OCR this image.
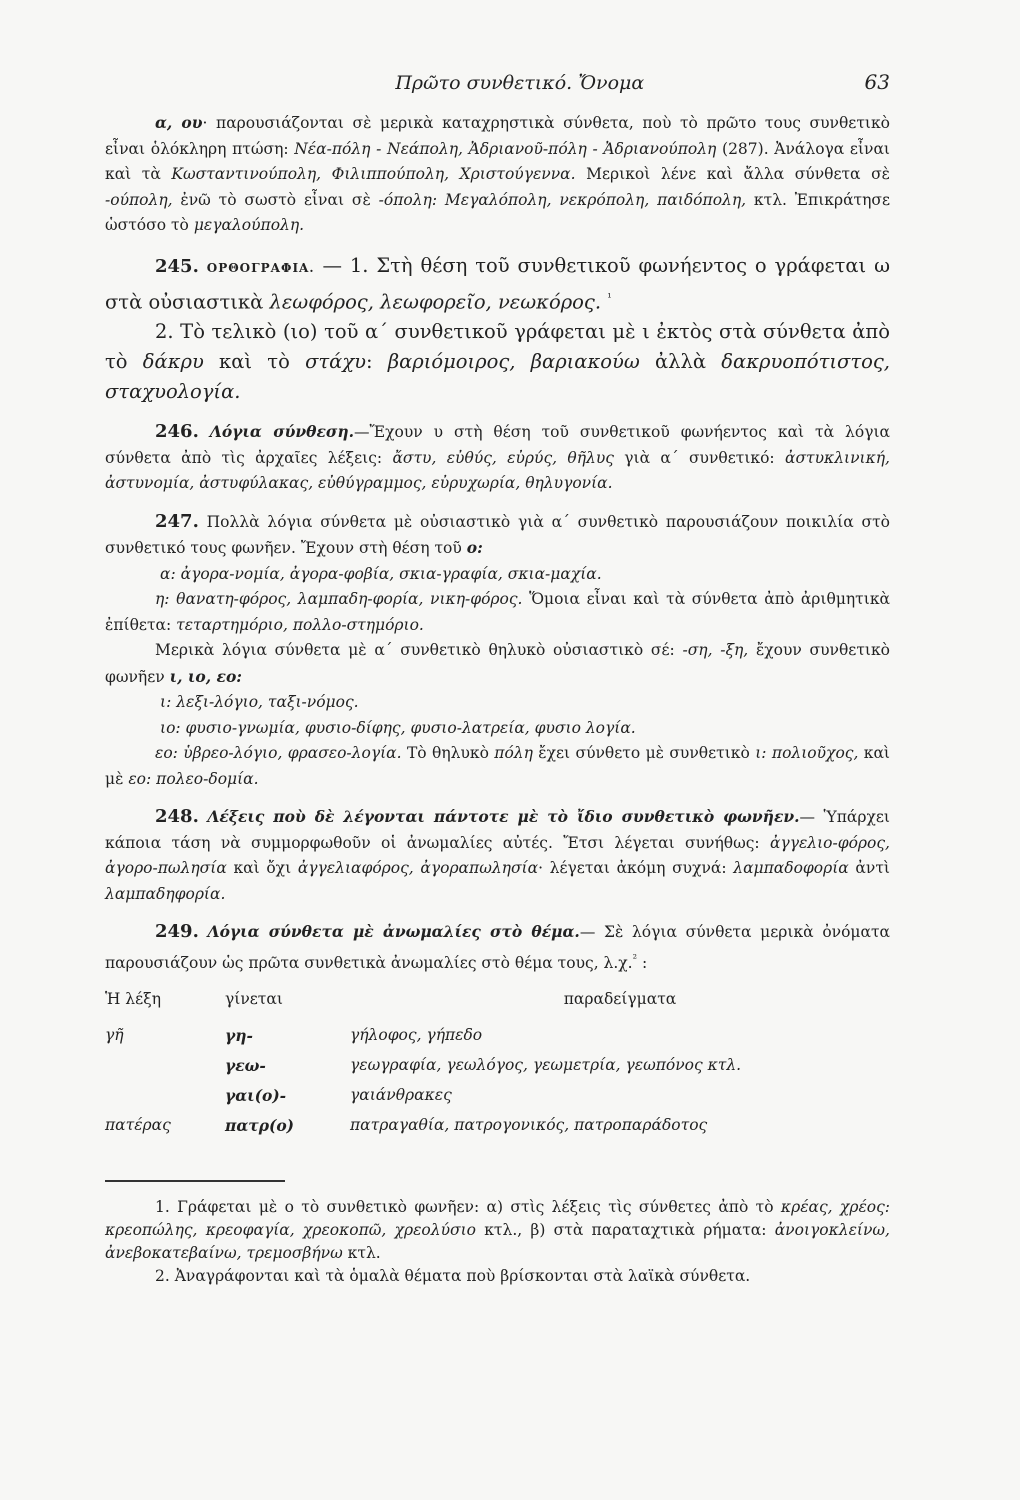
Πρῶτο συνθετικό. Ὄνομα	63

α, ου· παρουσιάζονται σὲ μερικὰ καταχρηστικὰ σύνθετα, ποὺ τὸ πρῶτο τους συνθετικὸ εἶναι ὁλόκληρη πτώση: Νέα-πόλη - Νεάπολη, Ἀδριανοῦ-πόλη - Ἀδριανούπολη (287). Ἀνάλογα εἶναι καὶ τὰ Κωσταντινούπολη, Φιλιππούπολη, Χριστούγεννα. Μερικοὶ λένε καὶ ἄλλα σύνθετα σὲ -ούπολη, ἐνῶ τὸ σωστὸ εἶναι σὲ -όπολη: Μεγαλόπολη, νεκρόπολη, παιδόπολη, κτλ. Ἐπικράτησε ὡστόσο τὸ μεγαλούπολη.

245. ΟΡΘΟΓΡΑΦΙΑ. — 1. Στὴ θέση τοῦ συνθετικοῦ φωνήεντος ο γράφεται ω στὰ οὐσιαστικὰ λεωφόρος, λεωφορεῖο, νεωκόρος. $^{^1}$

2. Τὸ τελικὸ (ιο) τοῦ α΄ συνθετικοῦ γράφεται μὲ ι ἐκτὸς στὰ σύνθετα ἀπὸ τὸ δάκρυ καὶ τὸ στάχυ: βαριόμοιρος, βαριακούω ἀλλὰ δακρυοπότιστος, σταχυολογία.

246. Λόγια σύνθεση.—Ἔχουν υ στὴ θέση τοῦ συνθετικοῦ φωνήεντος καὶ τὰ λόγια σύνθετα ἀπὸ τὶς ἀρχαῖες λέξεις: ἄστυ, εὐθύς, εὐρύς, θῆλυς γιὰ α΄ συνθετικό: ἀστυκλινική, ἀστυνομία, ἀστυφύλακας, εὐθύγραμμος, εὐρυχωρία, θηλυγονία.

247. Πολλὰ λόγια σύνθετα μὲ οὐσιαστικὸ γιὰ α΄ συνθετικὸ παρουσιάζουν ποικιλία στὸ συνθετικό τους φωνῆεν. Ἔχουν στὴ θέση τοῦ ο:

α: ἀγορα-νομία, ἀγορα-φοβία, σκια-γραφία, σκια-μαχία.

η: θανατη-φόρος, λαμπαδη-φορία, νικη-φόρος. Ὅμοια εἶναι καὶ τὰ σύνθετα ἀπὸ ἀριθμητικὰ ἐπίθετα: τεταρτημόριο, πολλο-στημόριο.

Μερικὰ λόγια σύνθετα μὲ α΄ συνθετικὸ θηλυκὸ οὐσιαστικὸ σέ: -ση, -ξη, ἔχουν συνθετικὸ φωνῆεν ι, ιο, εο:

ι: λεξι-λόγιο, ταξι-νόμος.
ιο: φυσιο-γνωμία, φυσιο-δίφης, φυσιο-λατρεία, φυσιο λογία.

εο: ὑβρεο-λόγιο, φρασεο-λογία. Τὸ θηλυκὸ πόλη ἔχει σύνθετο μὲ συνθετικὸ ι: πολιοῦχος, καὶ μὲ εο: πολεο-δομία.

248. Λέξεις ποὺ δὲ λέγονται πάντοτε μὲ τὸ ἴδιο συνθετικὸ φωνῆεν.— Ὑπάρχει κάποια τάση νὰ συμμορφωθοῦν οἱ ἀνωμαλίες αὐτές. Ἔτσι λέγεται συνήθως: ἀγγελιο-φόρος, ἀγορο-πωλησία καὶ ὄχι ἀγγελιαφόρος, ἀγοραπωλησία· λέγεται ἀκόμη συχνά: λαμπαδοφορία ἀντὶ λαμπαδηφορία.

249. Λόγια σύνθετα μὲ ἀνωμαλίες στὸ θέμα.— Σὲ λόγια σύνθετα μερικὰ ὀνόματα παρουσιάζουν ὡς πρῶτα συνθετικὰ ἀνωμαλίες στὸ θέμα τους, λ.χ.$^{^2}$ :

Ἡ λέξη	γίνεται	παραδείγματα
γῆ	γη-	γήλοφος, γήπεδο
	γεω-	γεωγραφία, γεωλόγος, γεωμετρία, γεωπόνος κτλ.
	γαι(ο)-	γαιάνθρακες
πατέρας	πατρ(ο)	πατραγαθία, πατρογονικός, πατροπαράδοτος

1. Γράφεται μὲ ο τὸ συνθετικὸ φωνῆεν: α) στὶς λέξεις τὶς σύνθετες ἀπὸ τὸ κρέας, χρέος: κρεοπώλης, κρεοφαγία, χρεοκοπῶ, χρεολύσιο κτλ., β) στὰ παραταχτικὰ ρήματα: ἀνοιγοκλείνω, ἀνεβοκατεβαίνω, τρεμοσβήνω κτλ.

2. Ἀναγράφονται καὶ τὰ ὁμαλὰ θέματα ποὺ βρίσκονται στὰ λαϊκὰ σύνθετα.
